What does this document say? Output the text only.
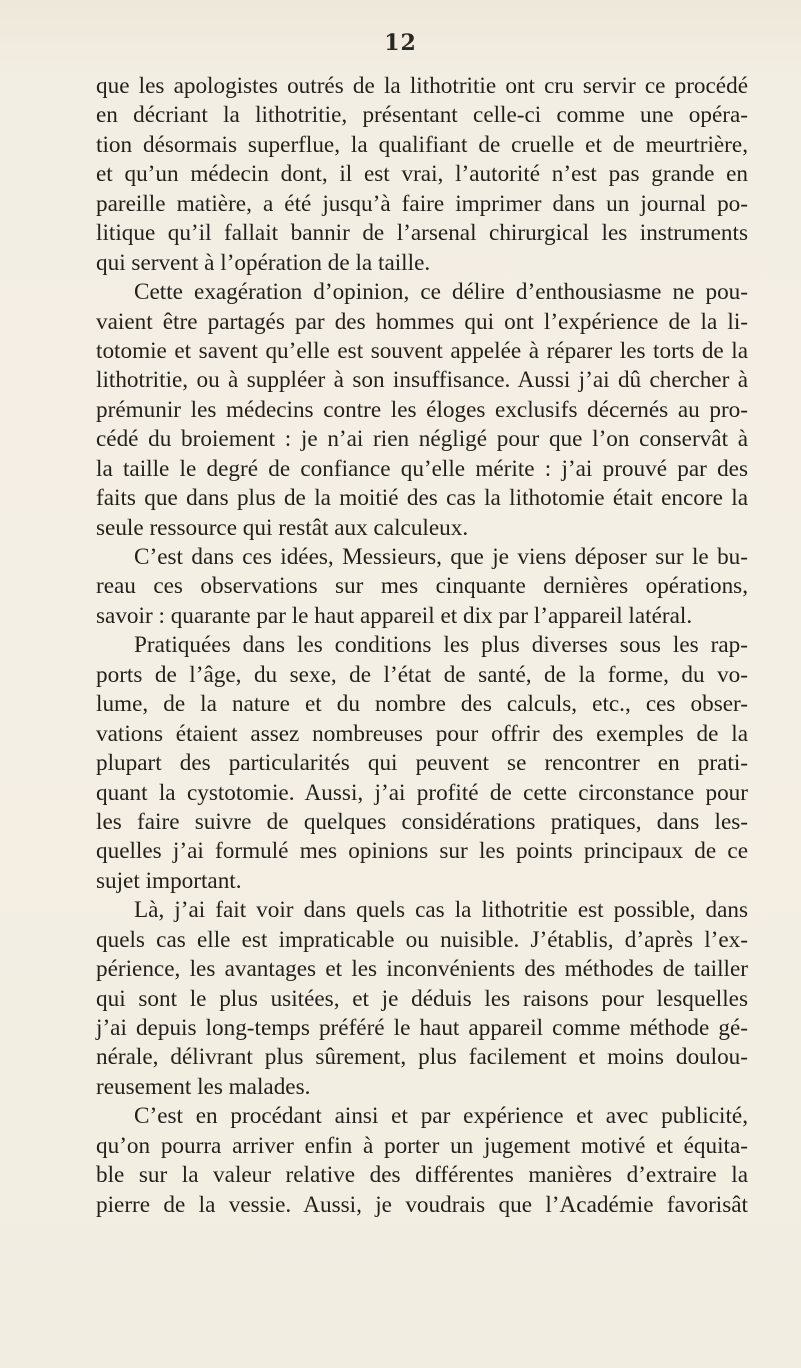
12
que les apologistes outrés de la lithotritie ont cru servir ce procédé
en décriant la lithotritie, présentant celle-ci comme une opéra-
tion désormais superflue, la qualifiant de cruelle et de meurtrière,
et qu’un médecin dont, il est vrai, l’autorité n’est pas grande en
pareille matière, a été jusqu’à faire imprimer dans un journal po-
litique qu’il fallait bannir de l’arsenal chirurgical les instruments
qui servent à l’opération de la taille.
Cette exagération d’opinion, ce délire d’enthousiasme ne pou-
vaient être partagés par des hommes qui ont l’expérience de la li-
totomie et savent qu’elle est souvent appelée à réparer les torts de la
lithotritie, ou à suppléer à son insuffisance. Aussi j’ai dû chercher à
prémunir les médecins contre les éloges exclusifs décernés au pro-
cédé du broiement : je n’ai rien négligé pour que l’on conservât à
la taille le degré de confiance qu’elle mérite : j’ai prouvé par des
faits que dans plus de la moitié des cas la lithotomie était encore la
seule ressource qui restât aux calculeux.
C’est dans ces idées, Messieurs, que je viens déposer sur le bu-
reau ces observations sur mes cinquante dernières opérations,
savoir : quarante par le haut appareil et dix par l’appareil latéral.
Pratiquées dans les conditions les plus diverses sous les rap-
ports de l’âge, du sexe, de l’état de santé, de la forme, du vo-
lume, de la nature et du nombre des calculs, etc., ces obser-
vations étaient assez nombreuses pour offrir des exemples de la
plupart des particularités qui peuvent se rencontrer en prati-
quant la cystotomie. Aussi, j’ai profité de cette circonstance pour
les faire suivre de quelques considérations pratiques, dans les-
quelles j’ai formulé mes opinions sur les points principaux de ce
sujet important.
Là, j’ai fait voir dans quels cas la lithotritie est possible, dans
quels cas elle est impraticable ou nuisible. J’établis, d’après l’ex-
périence, les avantages et les inconvénients des méthodes de tailler
qui sont le plus usitées, et je déduis les raisons pour lesquelles
j’ai depuis long-temps préféré le haut appareil comme méthode gé-
nérale, délivrant plus sûrement, plus facilement et moins doulou-
reusement les malades.
C’est en procédant ainsi et par expérience et avec publicité,
qu’on pourra arriver enfin à porter un jugement motivé et équita-
ble sur la valeur relative des différentes manières d’extraire la
pierre de la vessie. Aussi, je voudrais que l’Académie favorisât
